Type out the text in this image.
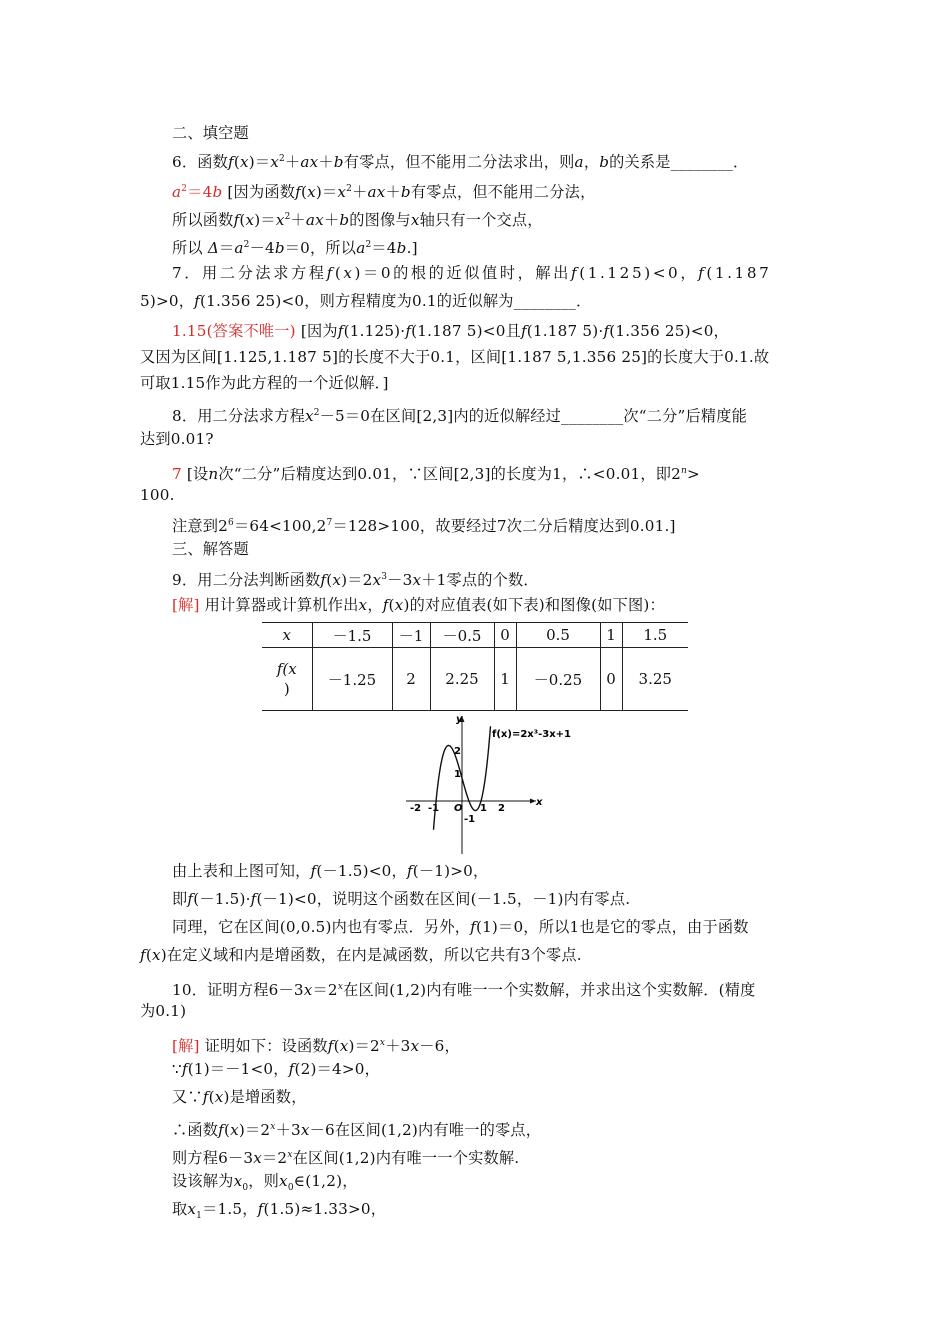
二、填空题
6．函数$f(x)=x^2+ax+b$有零点，但不能用二分法求出，则a，b的关系是________．
$a^2=4b$ [因为函数$f(x)=x^2+ax+b$有零点，但不能用二分法，
所以函数$f(x)=x^2+ax+b$的图像与x轴只有一个交点，
所以 $\Delta=a^2-4b=0$，所以$a^2=4b$.]
7．用二分法求方程f(x)＝0的根的近似值时，解出f(1.125)<0，f(1.187
5)>0，f(1.356 25)<0，则方程精度为0.1的近似解为________．
1.15(答案不唯一) [因为f(1.125)·f(1.187 5)<0且f(1.187 5)·f(1.356 25)<0，
又因为区间[1.125,1.187 5]的长度不大于0.1，区间[1.187 5,1.356 25]的长度大于0.1.故
可取1.15作为此方程的一个近似解．]
8．用二分法求方程$x^2-5=0$在区间[2,3]内的近似解经过________次“二分”后精度能
达到0.01?
7 [设n次“二分”后精度达到0.01，∵区间[2,3]的长度为1，∴<0.01，即$2^n>$
100.
注意到$2^6=64<100,2^7=128>100$，故要经过7次二分后精度达到0.01.]
三、解答题
9．用二分法判断函数$f(x)=2x^3-3x+1$零点的个数．
[解] 用计算器或计算机作出x，f(x)的对应值表(如下表)和图像(如下图)：
x	－1.5	－1	－0.5	0	0.5	1	1.5
f(x
)	－1.25	2	2.25	1	－0.25	0	3.25
y
x
O
2
1
-1
-2 -1	1 2
f(x)=2x³-3x+1
由上表和上图可知，f(－1.5)<0，f(－1)>0，
即f(－1.5)·f(－1)<0，说明这个函数在区间(－1.5，－1)内有零点.
同理，它在区间(0,0.5)内也有零点．另外，f(1)＝0，所以1也是它的零点，由于函数
f(x)在定义域和内是增函数，在内是减函数，所以它共有3个零点.
10．证明方程$6-3x=2^x$在区间(1,2)内有唯一一个实数解，并求出这个实数解．(精度
为0.1)
[解] 证明如下：设函数$f(x)=2^x+3x-6$，
∵f(1)＝－1<0，f(2)＝4>0，
又∵f(x)是增函数，
∴函数$f(x)=2^x+3x-6$在区间(1,2)内有唯一的零点，
则方程$6-3x=2^x$在区间(1,2)内有唯一一个实数解.
设该解为$x_0$，则$x_0\in(1,2)$，
取$x_1=1.5$，f(1.5)≈1.33>0，
